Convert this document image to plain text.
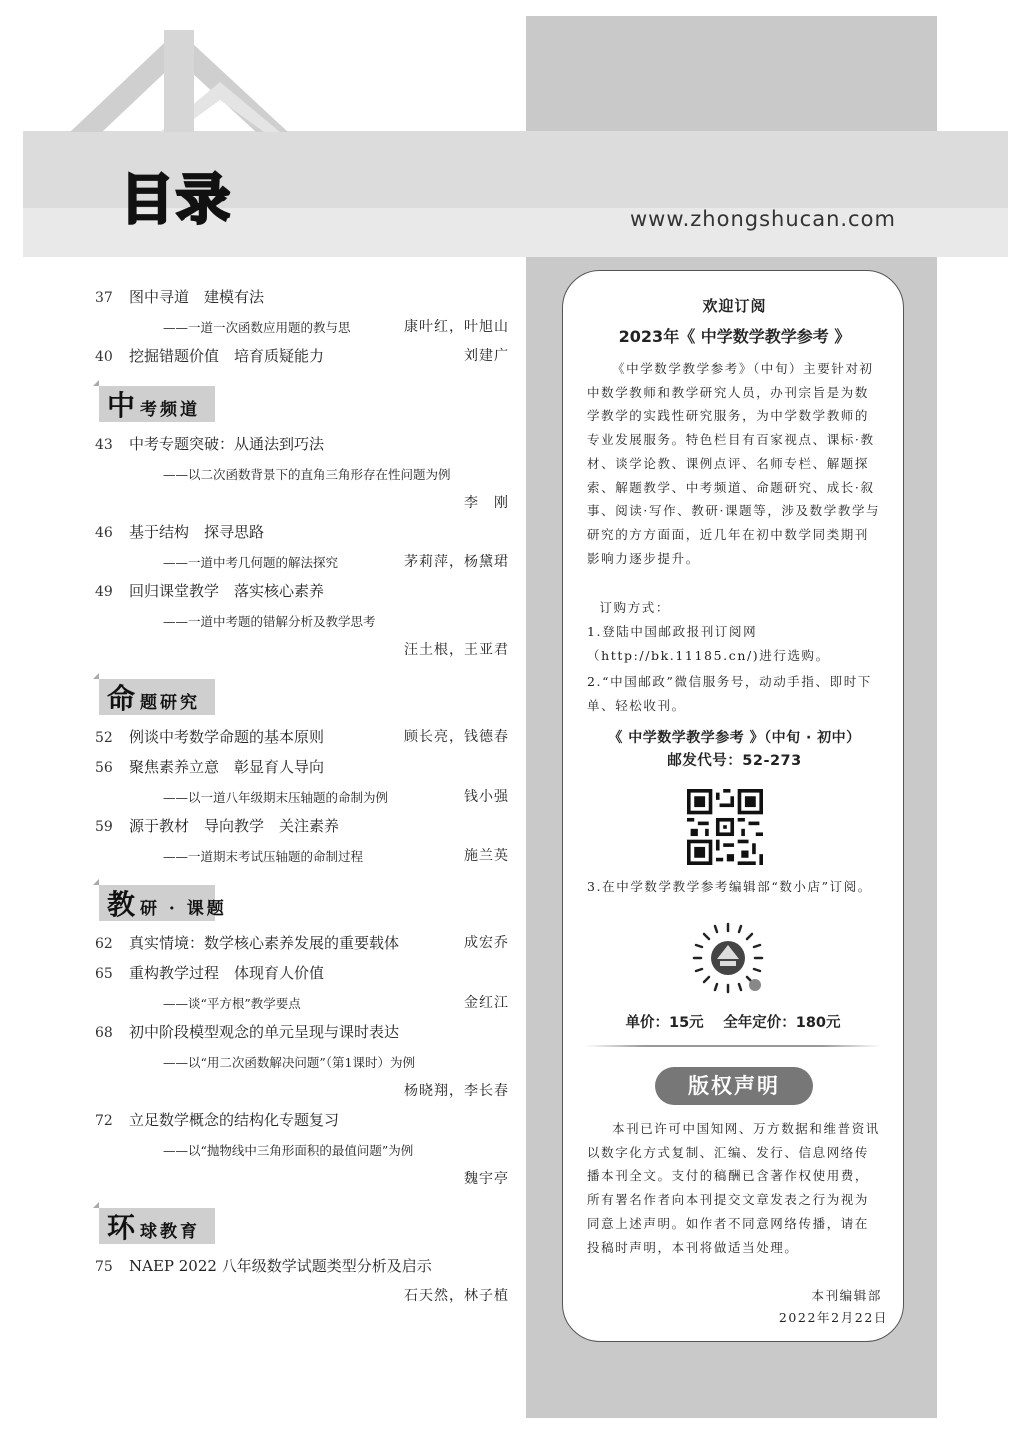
目录	www.zhongshucan.com
37 图中寻道　建模有法
——一道一次函数应用题的教与思	康叶红，叶旭山
40 挖掘错题价值　培育质疑能力	刘建广
中考频道
43 中考专题突破：从通法到巧法
——以二次函数背景下的直角三角形存在性问题为例
李　刚
46 基于结构　探寻思路
——一道中考几何题的解法探究	茅莉萍，杨黛珺
49 回归课堂教学　落实核心素养
——一道中考题的错解分析及教学思考
汪土根，王亚君
命题研究
52 例谈中考数学命题的基本原则	顾长亮，钱德春
56 聚焦素养立意　彰显育人导向
——以一道八年级期末压轴题的命制为例	钱小强
59 源于教材　导向教学　关注素养
——一道期末考试压轴题的命制过程	施兰英
教研 · 课题
62 真实情境：数学核心素养发展的重要载体	成宏乔
65 重构教学过程　体现育人价值
——谈“平方根”教学要点	金红江
68 初中阶段模型观念的单元呈现与课时表达
——以“用二次函数解决问题”（第1课时）为例
杨晓翔，李长春
72 立足数学概念的结构化专题复习
——以“抛物线中三角形面积的最值问题”为例
魏宇亭
环球教育
75 NAEP 2022 八年级数学试题类型分析及启示
石天然，林子植
欢迎订阅
2023年《 中学数学教学参考 》
《中学数学教学参考》（中旬）主要针对初中数学教师和教学研究人员，办刊宗旨是为数学教学的实践性研究服务，为中学数学教师的专业发展服务。特色栏目有百家视点、课标·教材、谈学论教、课例点评、名师专栏、解题探索、解题教学、中考频道、命题研究、成长·叙事、阅读·写作、教研·课题等，涉及数学教学与研究的方方面面，近几年在初中数学同类期刊影响力逐步提升。
订购方式：
1.登陆中国邮政报刊订阅网
（http://bk.11185.cn/)进行选购。
2.“中国邮政”微信服务号，动动手指、即时下单、轻松收刊。
《 中学数学教学参考 》（中旬 · 初中）
邮发代号：52-273
3.在中学数学教学参考编辑部“数小店”订阅。
单价：15元　 全年定价：180元
版权声明
本刊已许可中国知网、万方数据和维普资讯以数字化方式复制、汇编、发行、信息网络传播本刊全文。支付的稿酬已含著作权使用费，所有署名作者向本刊提交文章发表之行为视为同意上述声明。如作者不同意网络传播，请在投稿时声明，本刊将做适当处理。
本刊编辑部
2022年2月22日
